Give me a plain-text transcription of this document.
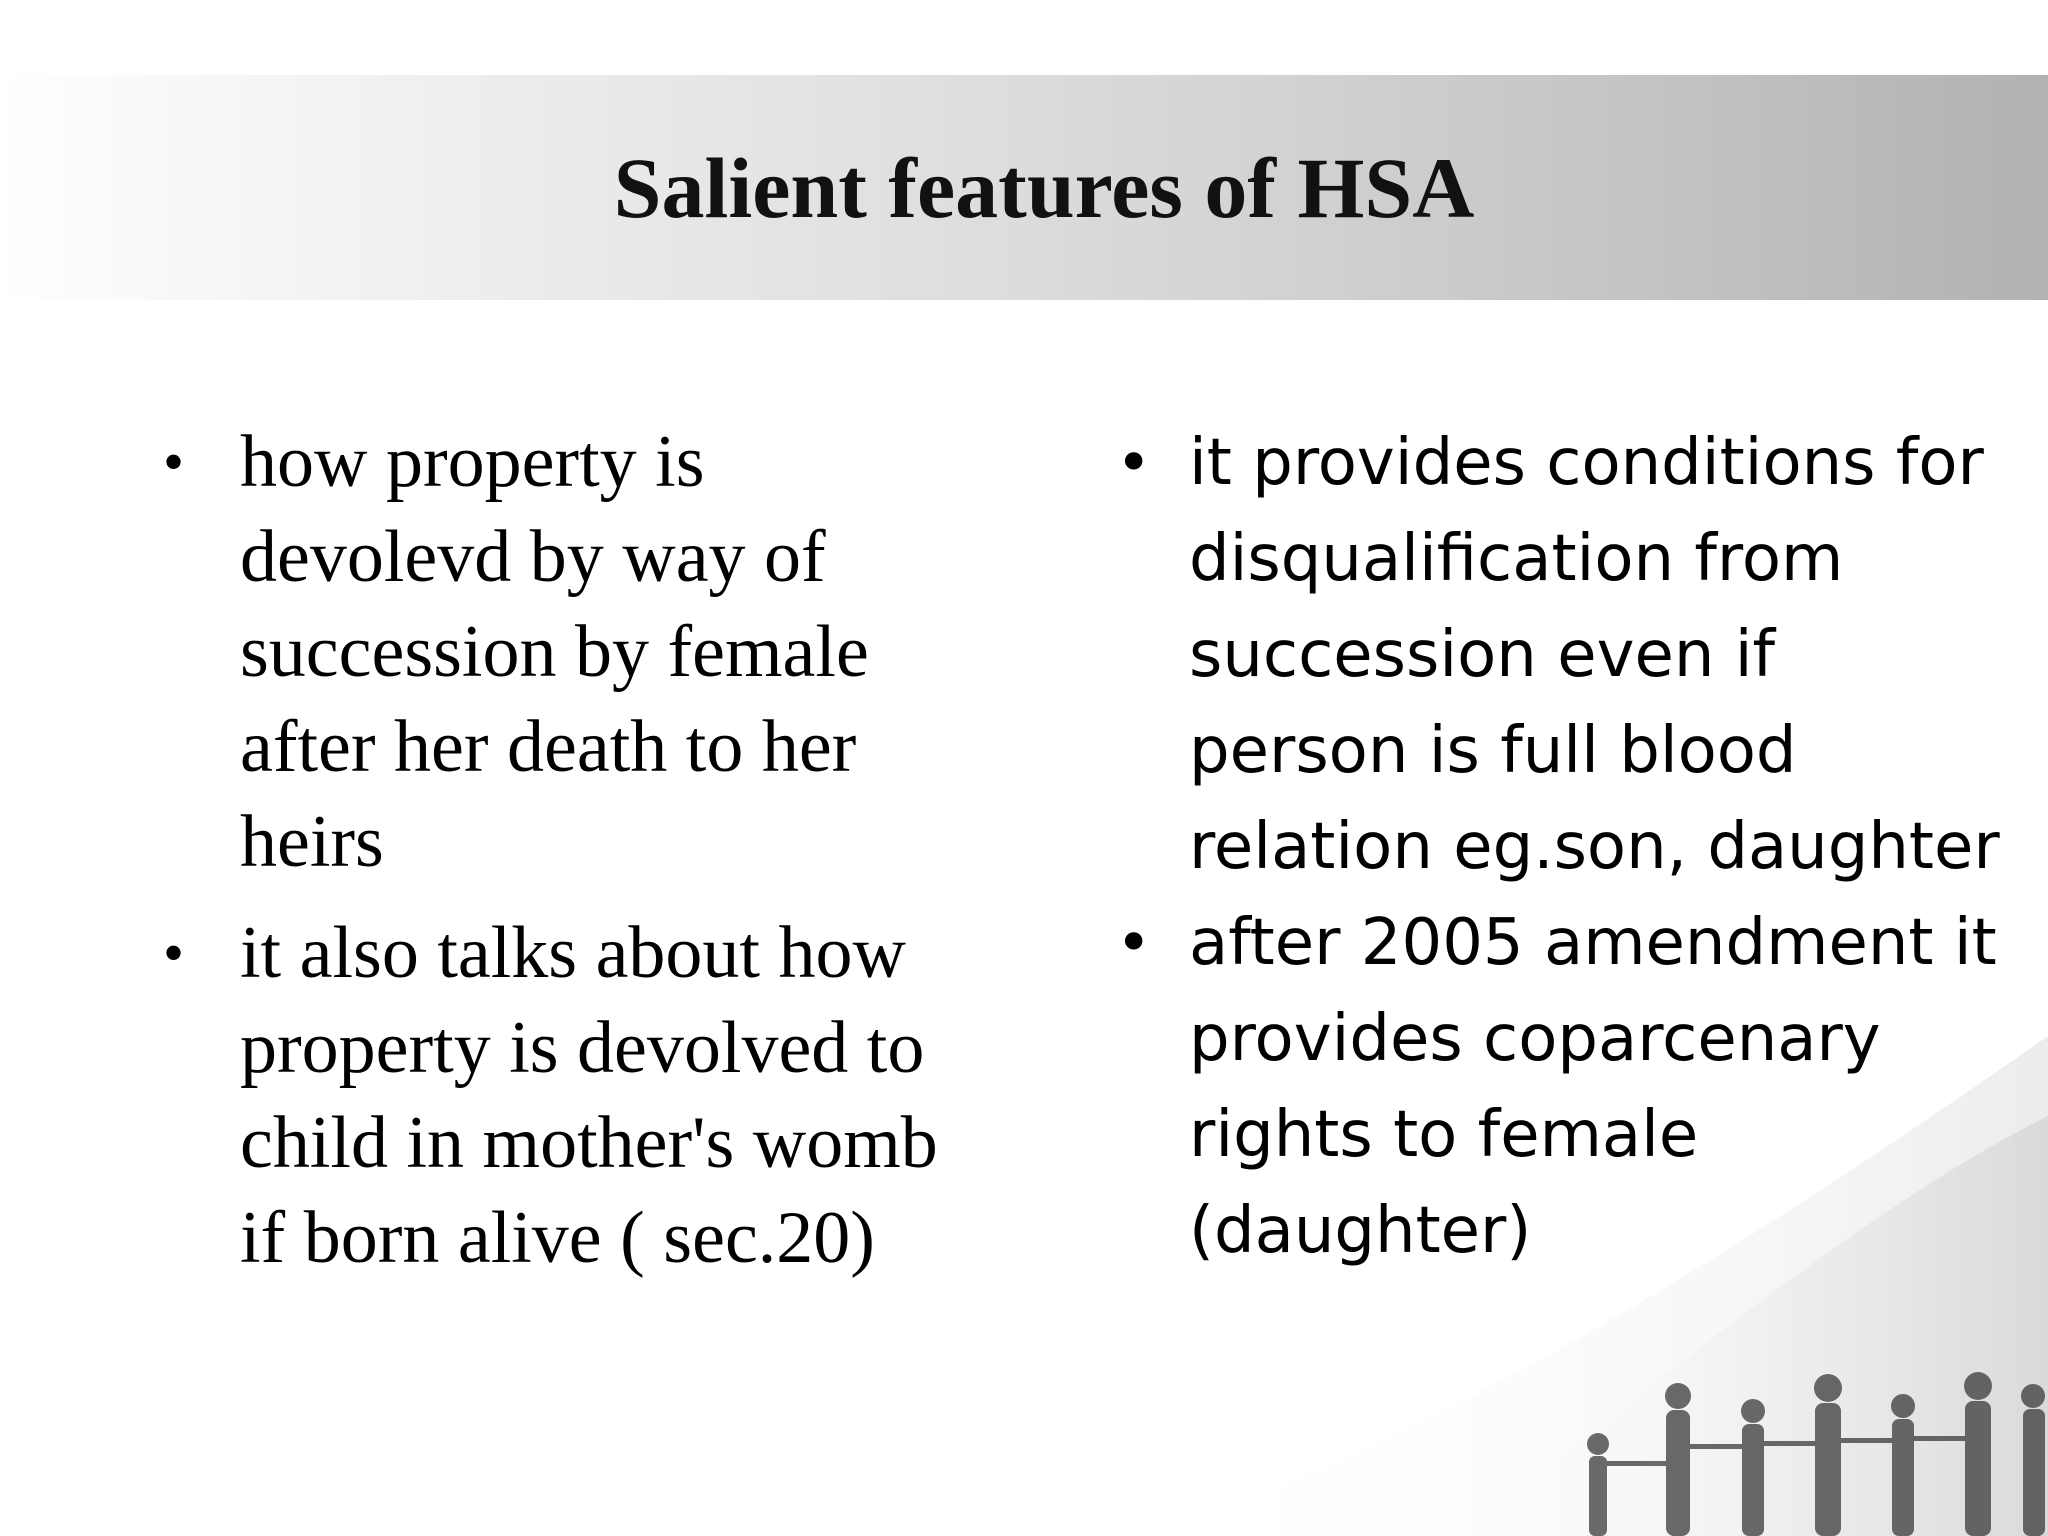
Salient features of HSA
• how property is devolevd by way of succession by female after her death to her heirs
• it also talks about how property is devolved to child in mother's womb if born alive ( sec.20)
• it provides conditions for disqualification from succession even if person is full blood relation eg.son, daughter
• after 2005 amendment it provides coparcenary rights to female (daughter)
